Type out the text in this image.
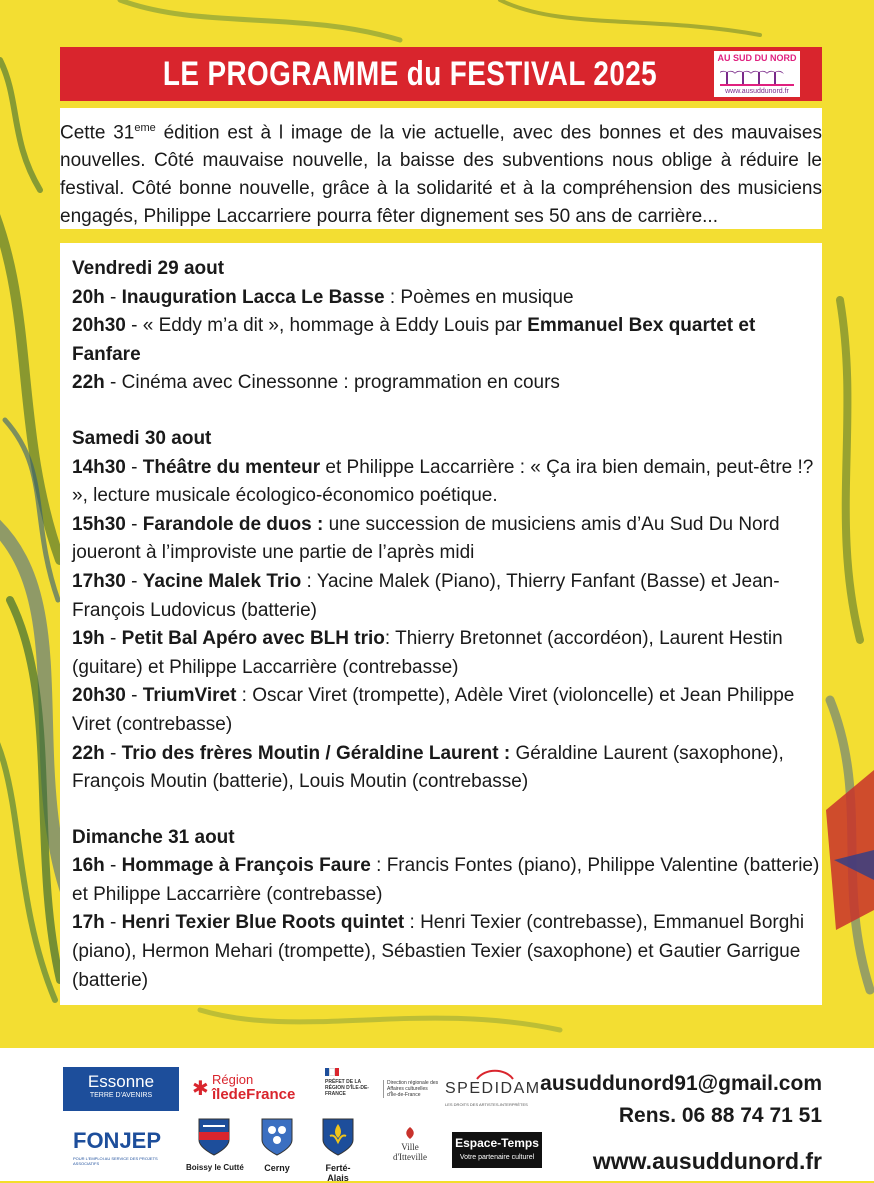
LE PROGRAMME du FESTIVAL 2025	AU SUD DU NORD
www.ausuddunord.fr
Cette 31eme édition est à l image de la vie actuelle, avec des bonnes et des mauvaises nouvelles. Côté mauvaise nouvelle, la baisse des subventions nous oblige à réduire le festival. Côté bonne nouvelle, grâce à la solidarité et à la compréhension des musiciens engagés, Philippe Laccarriere pourra fêter dignement ses 50 ans de carrière...
Vendredi 29 aout
20h - Inauguration Lacca Le Basse : Poèmes en musique
20h30 - « Eddy m’a dit », hommage à Eddy Louis par Emmanuel Bex quartet et Fanfare
22h - Cinéma avec Cinessonne : programmation en cours
Samedi 30 aout
14h30 - Théâtre du menteur et Philippe Laccarrière : « Ça ira bien demain, peut-être !? », lecture musicale écologico-économico poétique.
15h30 - Farandole de duos : une succession de musiciens amis d’Au Sud Du Nord joueront à l’improviste une partie de l’après midi
17h30 - Yacine Malek Trio : Yacine Malek (Piano), Thierry Fanfant (Basse) et Jean-François Ludovicus (batterie)
19h - Petit Bal Apéro avec BLH trio: Thierry Bretonnet (accordéon), Laurent Hestin (guitare) et Philippe Laccarrière (contrebasse)
20h30 - TriumViret : Oscar Viret (trompette), Adèle Viret (violoncelle) et Jean Philippe Viret (contrebasse)
22h - Trio des frères Moutin / Géraldine Laurent : Géraldine Laurent (saxophone), François Moutin (batterie), Louis Moutin (contrebasse)
Dimanche 31 aout
16h - Hommage à François Faure : Francis Fontes (piano), Philippe Valentine (batterie) et Philippe Laccarrière (contrebasse)
17h - Henri Texier Blue Roots quintet : Henri Texier (contrebasse), Emmanuel Borghi (piano), Hermon Mehari (trompette), Sébastien Texier (saxophone) et Gautier Garrigue (batterie)
Essonne
TERRE D'AVENIRS	✱ Région
îledeFrance
PRÉFET DE LA RÉGION D'ÎLE-DE-FRANCE
Direction régionale des Affaires culturelles d'Île-de-France	SPEDIDAM
LES DROITS DES ARTISTES-INTERPRÈTES
ausuddunord91@gmail.com
Rens. 06 88 74 71 51
www.ausuddunord.fr
FONJEP
POUR L'EMPLOI AU SERVICE DES PROJETS ASSOCIATIFS	Boissy le Cutté	Cerny	Ferté-Alais
Ville d'Itteville
Espace-Temps
Votre partenaire culturel
